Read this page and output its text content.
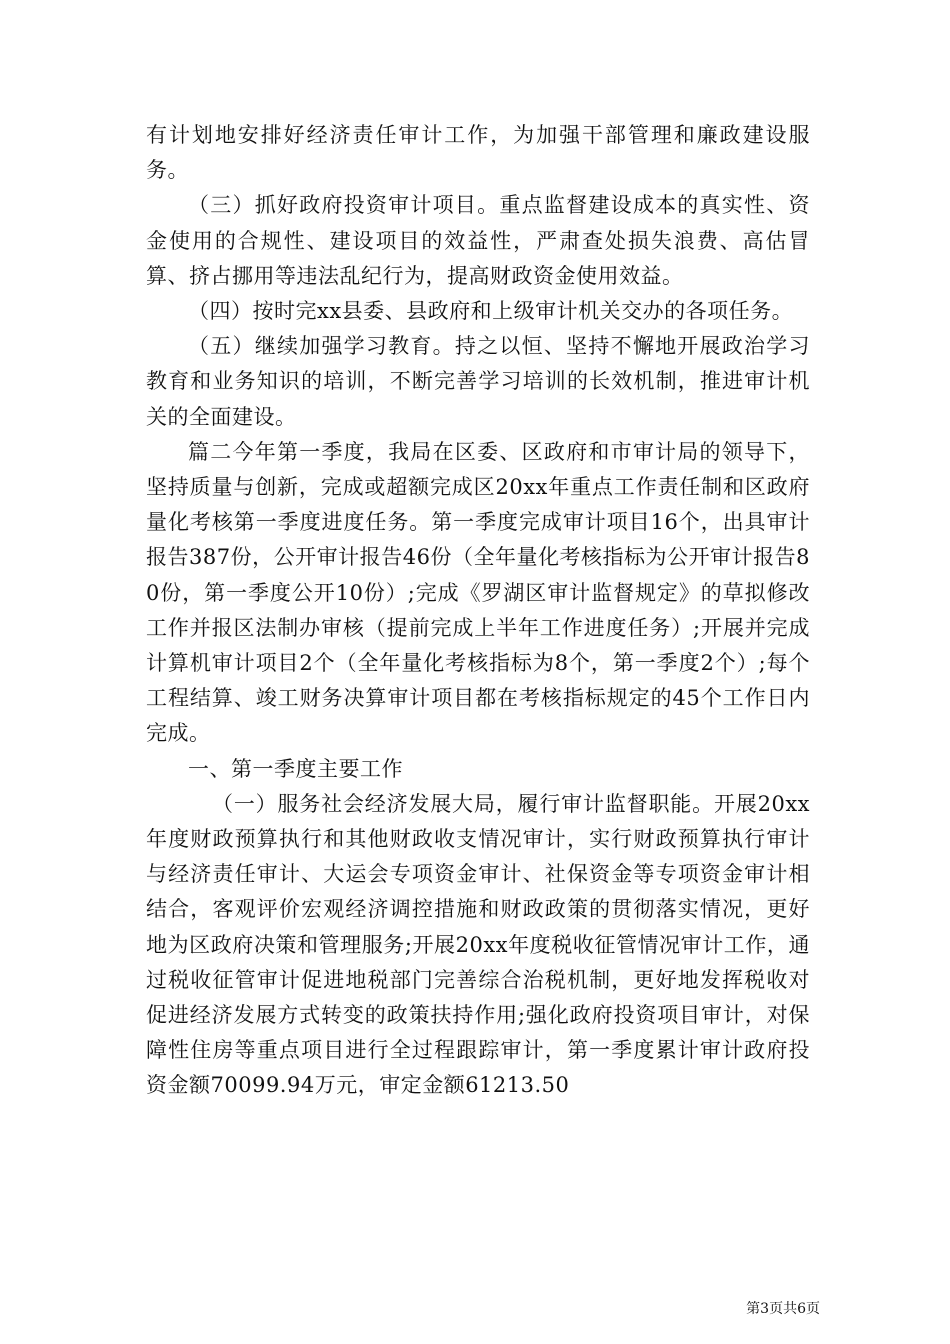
有计划地安排好经济责任审计工作，为加强干部管理和廉政建设服务。

（三）抓好政府投资审计项目。重点监督建设成本的真实性、资金使用的合规性、建设项目的效益性，严肃查处损失浪费、高估冒算、挤占挪用等违法乱纪行为，提高财政资金使用效益。

（四）按时完xx县委、县政府和上级审计机关交办的各项任务。

（五）继续加强学习教育。持之以恒、坚持不懈地开展政治学习教育和业务知识的培训，不断完善学习培训的长效机制，推进审计机关的全面建设。

篇二今年第一季度，我局在区委、区政府和市审计局的领导下，坚持质量与创新，完成或超额完成区20xx年重点工作责任制和区政府量化考核第一季度进度任务。第一季度完成审计项目16个，出具审计报告387份，公开审计报告46份（全年量化考核指标为公开审计报告80份，第一季度公开10份）;完成《罗湖区审计监督规定》的草拟修改工作并报区法制办审核（提前完成上半年工作进度任务）;开展并完成计算机审计项目2个（全年量化考核指标为8个，第一季度2个）;每个工程结算、竣工财务决算审计项目都在考核指标规定的45个工作日内完成。

一、第一季度主要工作

（一）服务社会经济发展大局，履行审计监督职能。开展20xx年度财政预算执行和其他财政收支情况审计，实行财政预算执行审计与经济责任审计、大运会专项资金审计、社保资金等专项资金审计相结合，客观评价宏观经济调控措施和财政政策的贯彻落实情况，更好地为区政府决策和管理服务;开展20xx年度税收征管情况审计工作，通过税收征管审计促进地税部门完善综合治税机制，更好地发挥税收对促进经济发展方式转变的政策扶持作用;强化政府投资项目审计，对保障性住房等重点项目进行全过程跟踪审计，第一季度累计审计政府投资金额70099.94万元，审定金额61213.50

第3页共6页
